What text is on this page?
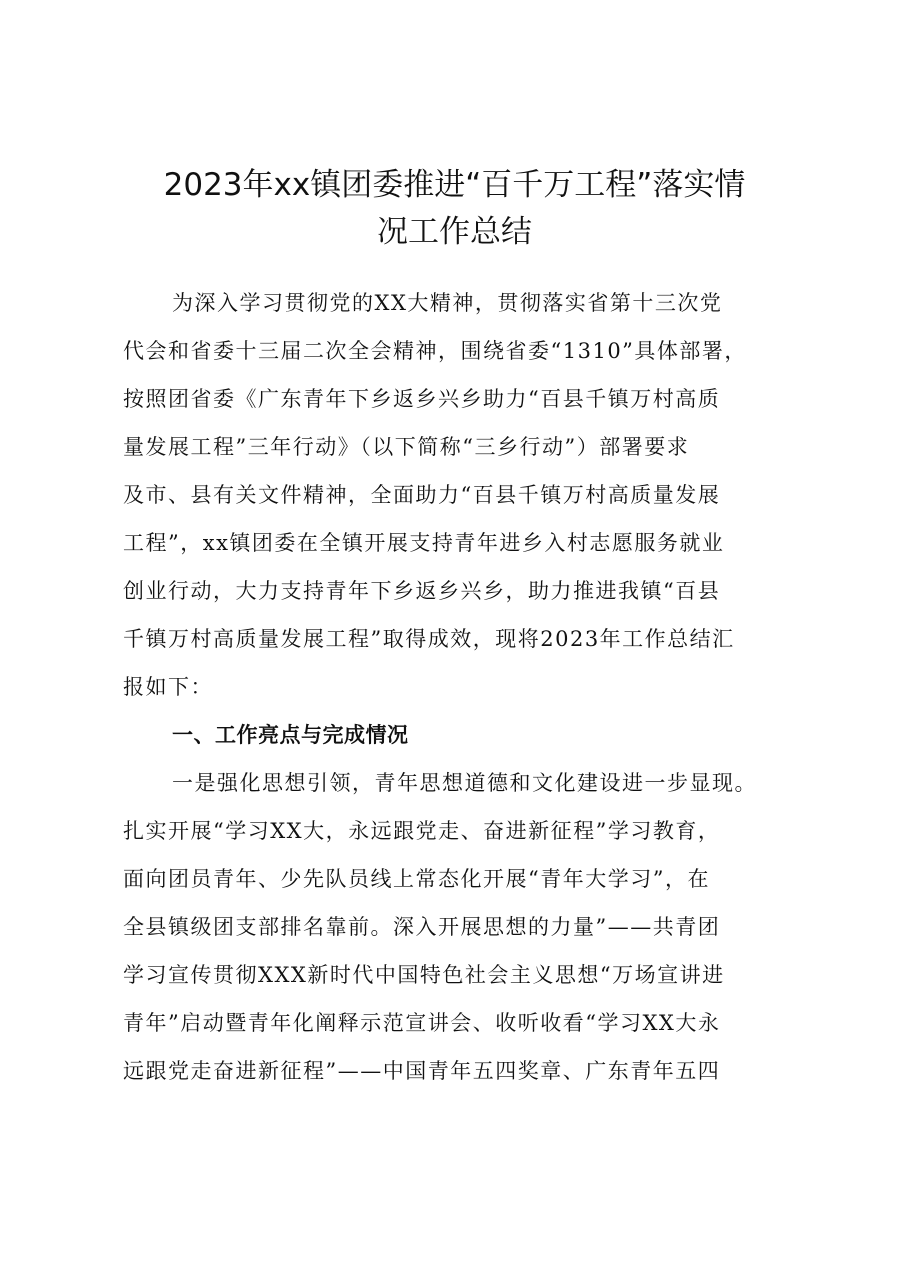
2023年xx镇团委推进“百千万工程”落实情
况工作总结
为深入学习贯彻党的XX大精神，贯彻落实省第十三次党
代会和省委十三届二次全会精神，围绕省委“1310”具体部署，
按照团省委《广东青年下乡返乡兴乡助力“百县千镇万村高质
量发展工程”三年行动》（以下简称“三乡行动”）部署要求
及市、县有关文件精神，全面助力“百县千镇万村高质量发展
工程”，xx镇团委在全镇开展支持青年进乡入村志愿服务就业
创业行动，大力支持青年下乡返乡兴乡，助力推进我镇“百县
千镇万村高质量发展工程”取得成效，现将2023年工作总结汇
报如下：
一、工作亮点与完成情况
一是强化思想引领，青年思想道德和文化建设进一步显现。
扎实开展“学习XX大，永远跟党走、奋进新征程”学习教育，
面向团员青年、少先队员线上常态化开展“青年大学习”，在
全县镇级团支部排名靠前。深入开展思想的力量”——共青团
学习宣传贯彻XXX新时代中国特色社会主义思想“万场宣讲进
青年”启动暨青年化阐释示范宣讲会、收听收看“学习XX大永
远跟党走奋进新征程”——中国青年五四奖章、广东青年五四
